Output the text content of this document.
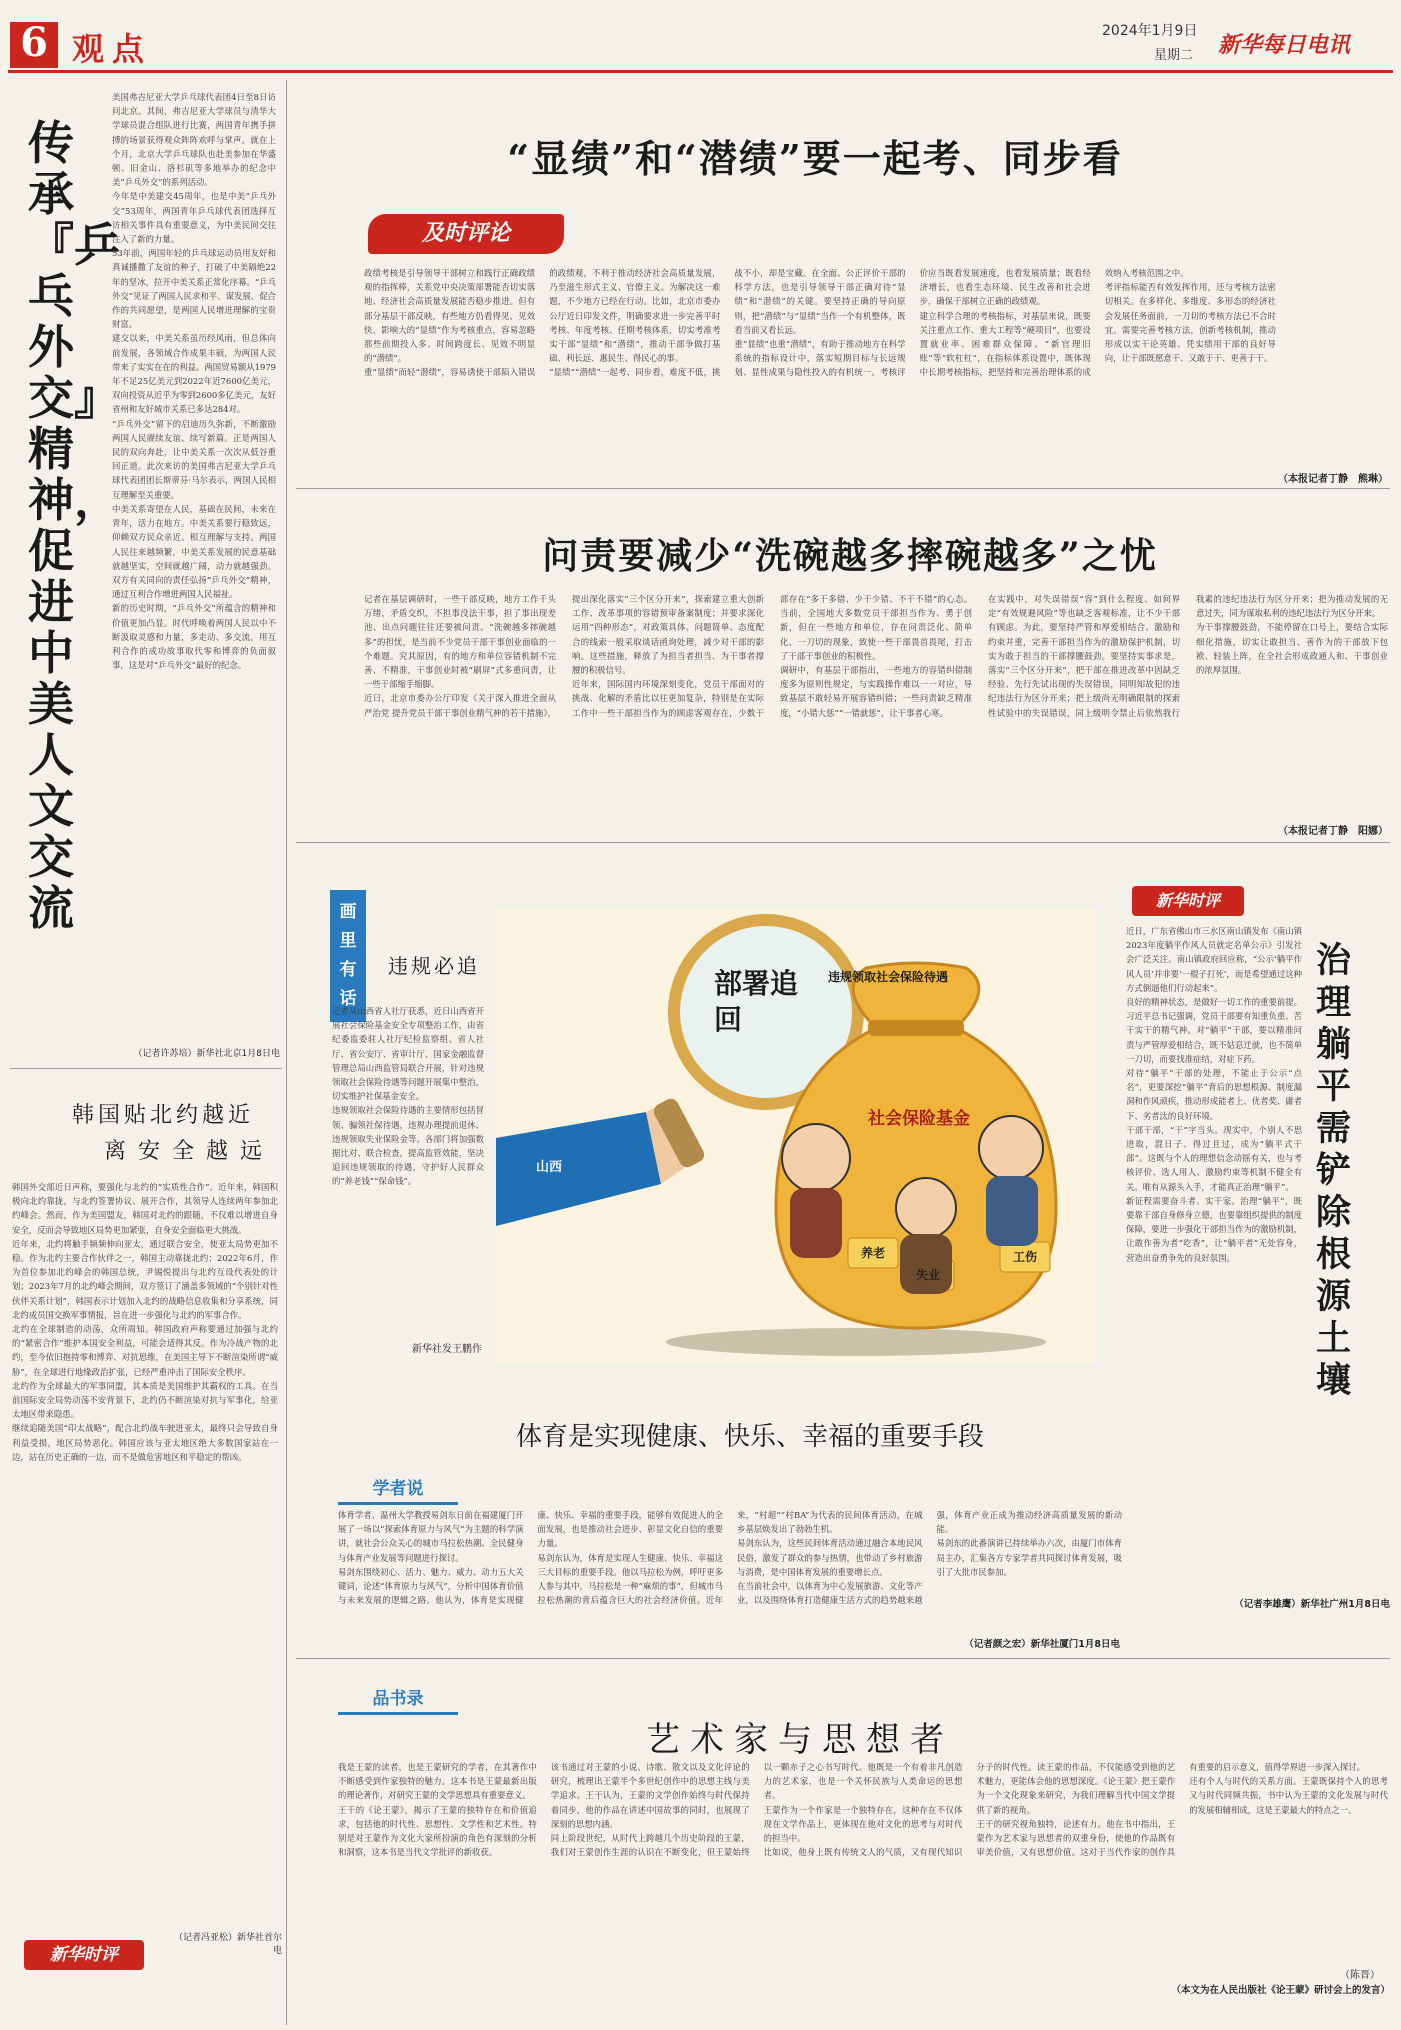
6 观点	2024年1月9日
星期二 新华每日电讯
传承『乒乓外交』精神，促进中美人文交流
美国弗吉尼亚大学乒乓球代表团4日至8日访问北京。其间，弗吉尼亚大学球员与清华大学球员混合组队进行比赛，两国青年携手拼搏的场景获得观众阵阵欢呼与掌声。就在上个月，北京大学乒乓球队也赴美参加在华盛顿、旧金山、洛杉矶等多地举办的纪念中美“乒乓外交”的系列活动。
今年是中美建交45周年，也是中美“乒乓外交”53周年，两国青年乒乓球代表团选择互访相关事件具有重要意义，为中美民间交往注入了新的力量。
53年前，两国年轻的乒乓球运动员用友好和真诚播撒了友谊的种子，打破了中美隔绝22年的坚冰，拉开中美关系正常化序幕。“乒乓外交”见证了两国人民求和平、谋发展、促合作的共同愿望，是两国人民增进理解的宝贵财富。
建交以来，中美关系虽历经风雨，但总体向前发展，各领域合作成果丰硕，为两国人民带来了实实在在的利益。两国贸易额从1979年不足25亿美元到2022年近7600亿美元，双向投资从近乎为零到2600多亿美元，友好省州和友好城市关系已多达284对。
“乒乓外交”留下的启迪历久弥新，不断激励两国人民赓续友谊、续写新篇。正是两国人民的双向奔赴，让中美关系一次次从低谷重回正道。此次来访的美国弗吉尼亚大学乒乓球代表团团长斯蒂芬·马尔表示，两国人民相互理解至关重要。
中美关系寄望在人民，基础在民间，未来在青年，活力在地方。中美关系要行稳致远，仰赖双方民众亲近、相互理解与支持。两国人民往来越频繁，中美关系发展的民意基础就越坚实，空间就越广阔，动力就越强劲。双方有关同向的责任弘扬“乒乓外交”精神，通过互利合作增进两国人民福祉。
新的历史时期，“乒乓外交”所蕴含的精神和价值更加凸显。时代呼唤着两国人民以中不断汲取灵感和力量，多走动、多交流，用互利合作的成功故事取代零和博弈的负面叙事，这是对“乒乓外交”最好的纪念。
（记者许苏培）新华社北京1月8日电
韩国贴北约越近
离安全越远
韩国外交部近日声称，要强化与北约的“实质性合作”。近年来，韩国积极向北约靠拢，与北约签署协议、展开合作，其领导人连续两年参加北约峰会。然而，作为美国盟友，韩国对北约的跟随，不仅难以增进自身安全，反而会导致地区局势更加紧张，自身安全面临更大挑战。
近年来，北约将触手频频伸向亚太，通过联合安全，使亚太局势更加不稳。作为北约主要合作伙伴之一，韩国主动靠拢北约：2022年6月，作为首位参加北约峰会的韩国总统，尹锡悦提出与北约互设代表处的计划；2023年7月的北约峰会期间，双方签订了涵盖多领域的“个别针对性伙伴关系计划”，韩国表示计划加入北约的战略信息收集和分享系统，同北约成员国交换军事情报，旨在进一步强化与北约的军事合作。
北约在全球制造的动荡，众所周知。韩国政府声称要通过加强与北约的“紧密合作”维护本国安全利益，可能会适得其反。作为冷战产物的北约，至今依旧抱持零和博弈、对抗思维，在美国主导下不断渲染所谓“威胁”，在全球进行地缘政治扩张，已经严重冲击了国际安全秩序。
北约作为全球最大的军事同盟，其本质是美国维护其霸权的工具。在当前国际安全局势动荡不安背景下，北约仍不断渲染对抗与军事化，给亚太地区带来隐患。
继续追随美国“印太战略”，配合北约战车驶进亚太，最终只会导致自身利益受损，地区局势恶化。韩国应该与亚太地区绝大多数国家站在一边，站在历史正确的一边，而不是做危害地区和平稳定的帮凶。
（记者冯亚松）新华社首尔电
新华时评
“显绩”和“潜绩”要一起考、同步看
及时评论
政绩考核是引导领导干部树立和践行正确政绩观的指挥棒，关系党中央决策部署能否切实落地、经济社会高质量发展能否稳步推进。但有部分基层干部反映，有些地方仍看得见、见效快、影响大的“显绩”作为考核重点，容易忽略那些前期投入多、时间跨度长、见效不明显的“潜绩”。
重“显绩”而轻“潜绩”，容易诱使干部陷入错误的政绩观，不利于推动经济社会高质量发展，乃至滋生形式主义、官僚主义。为解决这一难题，不少地方已经在行动。比如，北京市委办公厅近日印发文件，明确要求进一步完善平时考核、年度考核、任期考核体系，切实考准考实干部“显绩”和“潜绩”，推动干部争做打基础、利长远、惠民生、得民心的事。
“显绩”“潜绩”一起考、同步看，难度不低，挑战不小，却是宝藏。在全面、公正评价干部的科学方法，也是引导领导干部正确对待“显绩”和“潜绩”的关键。要坚持正确的导向原则，把“潜绩”与“显绩”当作一个有机整体，既看当前又看长远。
重“显绩”也重“潜绩”，有助于推动地方在科学系统的指标设计中，落实短期目标与长远规划、显性成果与隐性投入的有机统一。考核评价应当既看发展速度，也看发展质量；既看经济增长，也看生态环境、民生改善和社会进步，确保干部树立正确的政绩观。
建立科学合理的考核指标，对基层来说，既要关注重点工作、重大工程等“硬项目”，也要设置就业率、困难群众保障、“新官理旧账”等“软杠杠”，在指标体系设置中，既体现中长期考核指标，把坚持和完善治理体系的成效纳入考核范围之中。
考评指标能否有效发挥作用，还与考核方法密切相关。在多样化、多维度、多形态的经济社会发展任务面前，一刀切的考核方法已不合时宜。需要完善考核方法，创新考核机制，推动形成以实干论英雄、凭实绩用干部的良好导向，让干部既愿意干、又敢于干、更善于干。
（本报记者丁静　熊琳）
问责要减少“洗碗越多摔碗越多”之忧
记者在基层调研时，一些干部反映，地方工作千头万绪，矛盾交织，不担事没法干事，担了事出现差池、出点问题往往还要被问责。“洗碗越多摔碗越多”的担忧，是当前不少党员干部干事创业面临的一个难题。究其原因，有的地方和单位容错机制不完善、不精准，干事创业时被“刷屏”式多重问责，让一些干部缩手缩脚。
近日，北京市委办公厅印发《关于深入推进全面从严治党 提升党员干部干事创业精气神的若干措施》，提出深化落实“三个区分开来”，探索建立重大创新工作、改革事项的容错预审备案制度；并要求深化运用“四种形态”，对政策具体、问题简单、态度配合的线索一般采取谈话函询处理，减少对干部的影响。这些措施，释放了为担当者担当、为干事者撑腰的积极信号。
近年来，国际国内环境深刻变化，党员干部面对的挑战、化解的矛盾比以往更加复杂，特别是在实际工作中一些干部担当作为的顾虑客观存在，少数干部存在“多干多错、少干少错、不干不错”的心态。当前，全国地大多数党员干部担当作为、勇于创新，但在一些地方和单位，存在问责泛化、简单化、一刀切的现象，致使一些干部畏首畏尾，打击了干部干事创业的积极性。
调研中，有基层干部指出，一些地方的容错纠错制度多为原则性规定，与实践操作难以一一对应，导致基层不敢轻易开展容错纠错；一些问责缺乏精准度，“小错大惩”“一错就惩”，让干事者心寒。
在实践中，对失误错误“容”到什么程度、如何界定“有效规避风险”等也缺乏客观标准，让不少干部有顾虑。为此，要坚持严管和厚爱相结合、激励和约束并重，完善干部担当作为的激励保护机制，切实为敢于担当的干部撑腰鼓劲。要坚持实事求是，落实“三个区分开来”，把干部在推进改革中因缺乏经验、先行先试出现的失误错误，同明知故犯的违纪违法行为区分开来；把上级尚无明确限制的探索性试验中的失误错误，同上级明令禁止后依然我行我素的违纪违法行为区分开来；把为推动发展的无意过失，同为谋取私利的违纪违法行为区分开来。
为干事撑腰鼓劲，不能停留在口号上，要结合实际细化措施，切实让敢担当、善作为的干部放下包袱、轻装上阵，在全社会形成政通人和、干事创业的浓厚氛围。
（本报记者丁静　阳娜）
画里有话
违规必追
记者从山西省人社厅获悉，近日山西省开展社会保险基金安全专项整治工作，由省纪委监委驻人社厅纪检监察组、省人社厅、省公安厅、省审计厅、国家金融监督管理总局山西监管局联合开展，针对违规领取社会保险待遇等问题开展集中整治，切实维护社保基金安全。
违规领取社会保险待遇的主要情形包括冒领、骗领社保待遇，违规办理提前退休、违规领取失业保险金等。各部门将加强数据比对、联合检查，提高监管效能，坚决追回违规领取的待遇，守护好人民群众的“养老钱”“保命钱”。
新华社发王鹏作
部署追回
违规领取社会保险待遇
社会保险基金
山西
养老
失业
工伤
新华时评
治理躺平需铲除根源土壤
近日，广东省佛山市三水区南山镇发布《南山镇2023年度躺平作风人员就定名单公示》引发社会广泛关注。南山镇政府回应称，“公示‘躺平作风人员’并非要‘一棍子打死’，而是希望通过这种方式倒逼他们行动起来”。
良好的精神状态，是做好一切工作的重要前提。习近平总书记强调，党员干部要有知重负重、苦干实干的精气神。对“躺平”干部，要以精准问责与严管厚爱相结合，既不姑息迁就，也不简单一刀切，而要找准症结，对症下药。
对待“躺平”干部的处理，不能止于公示“点名”，更要深挖“躺平”背后的思想根源、制度漏洞和作风顽疾，推动形成能者上、优者奖、庸者下、劣者汰的良好环境。
干部干部，“干”字当头。现实中，个别人不思进取，混日子、得过且过，成为“躺平式干部”。这既与个人的理想信念动摇有关，也与考核评价、选人用人、激励约束等机制不健全有关。唯有从源头入手，才能真正治理“躺平”。
新征程需要奋斗者、实干家。治理“躺平”，既要靠干部自身修身立德，也要靠组织提供的制度保障，要进一步强化干部担当作为的激励机制，让敢作善为者“吃香”，让“躺平者”无处容身，营造出奋勇争先的良好氛围。
（记者李雄鹰）新华社广州1月8日电
体育是实现健康、快乐、幸福的重要手段
学者说
体育学者、温州大学教授易剑东日前在福建厦门开展了一场以“探索体育原力与风气”为主题的科学演讲，就社会公众关心的城市马拉松热潮、全民健身与体育产业发展等问题进行探讨。
易剑东围绕初心、活力、魅力、威力、动力五大关键词，论述“体育原力与风气”，分析中国体育价值与未来发展的逻辑之路。他认为，体育是实现健康、快乐、幸福的重要手段，能够有效促进人的全面发展，也是推动社会进步、彰显文化自信的重要力量。
易剑东认为，体育是实现人生健康、快乐、幸福这三大目标的重要手段。他以马拉松为例，呼吁更多人参与其中，马拉松是一种“麻烦的事”，但城市马拉松热潮的背后蕴含巨大的社会经济价值。近年来，“村超”“村BA”为代表的民间体育活动，在城乡基层焕发出了勃勃生机。
易剑东认为，这些民间体育活动通过融合本地民风民俗，激发了群众的参与热情，也带动了乡村旅游与消费，是中国体育发展的重要增长点。
在当前社会中，以体育为中心发展旅游、文化等产业，以及围绕体育打造健康生活方式的趋势越来越强，体育产业正成为推动经济高质量发展的新动能。
易剑东的此番演讲已持续举办六次，由厦门市体育局主办，汇集各方专家学者共同探讨体育发展，吸引了大批市民参加。
（记者颜之宏）新华社厦门1月8日电
品书录
艺术家与思想者
我是王蒙的读者，也是王蒙研究的学者，在其著作中不断感受到作家独特的魅力。这本书是王蒙最新出版的理论著作，对研究王蒙的文学思想具有重要意义。
王干的《论王蒙》，揭示了王蒙的独特存在和价值追求，包括他的时代性、思想性、文学性和艺术性。特别是对王蒙作为文化大家所扮演的角色有深刻的分析和洞察，这本书是当代文学批评的新收获。
该书通过对王蒙的小说、诗歌、散文以及文化评论的研究，梳理出王蒙半个多世纪创作中的思想主线与美学追求。王干认为，王蒙的文学创作始终与时代保持着同步，他的作品在讲述中国故事的同时，也展现了深刻的思想内涵。
同上阶段世纪，从时代上跨越几个历史阶段的王蒙，我们对王蒙创作生涯的认识在不断变化，但王蒙始终以一颗赤子之心书写时代。他既是一个有着非凡创造力的艺术家，也是一个关怀民族与人类命运的思想者。
王蒙作为一个作家是一个独特存在，这种存在不仅体现在文学作品上，更体现在他对文化的思考与对时代的担当中。
比如说，他身上既有传统文人的气质，又有现代知识分子的时代性。读王蒙的作品，不仅能感受到他的艺术魅力，更能体会他的思想深度。《论王蒙》把王蒙作为一个文化现象来研究，为我们理解当代中国文学提供了新的视角。
王干的研究视角独特，论述有力。他在书中指出，王蒙作为艺术家与思想者的双重身份，使他的作品既有审美价值，又有思想价值。这对于当代作家的创作具有重要的启示意义，值得学界进一步深入探讨。
还有个人与时代的关系方面。王蒙既保持个人的思考又与时代同频共振，书中认为王蒙的文化发展与时代的发展相辅相成，这是王蒙最大的特点之一。
（陈晋）
（本文为在人民出版社《论王蒙》研讨会上的发言）
